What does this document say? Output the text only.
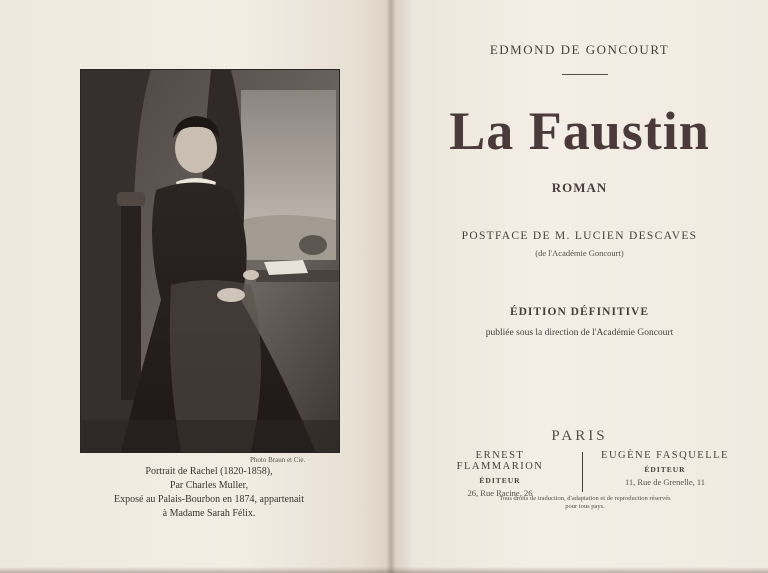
Photo Braun et Cie.
Portrait de Rachel (1820-1858),
Par Charles Muller,
Exposé au Palais-Bourbon en 1874, appartenait
à Madame Sarah Félix.
EDMOND DE GONCOURT
La Faustin
ROMAN
POSTFACE DE M. LUCIEN DESCAVES
(de l'Académie Goncourt)
ÉDITION DÉFINITIVE
publiée sous la direction de l'Académie Goncourt
PARIS
ERNEST FLAMMARION
ÉDITEUR
26, Rue Racine, 26
EUGÈNE FASQUELLE
ÉDITEUR
11, Rue de Grenelle, 11
Tous droits de traduction, d'adaptation et de reproduction réservés
pour tous pays.
